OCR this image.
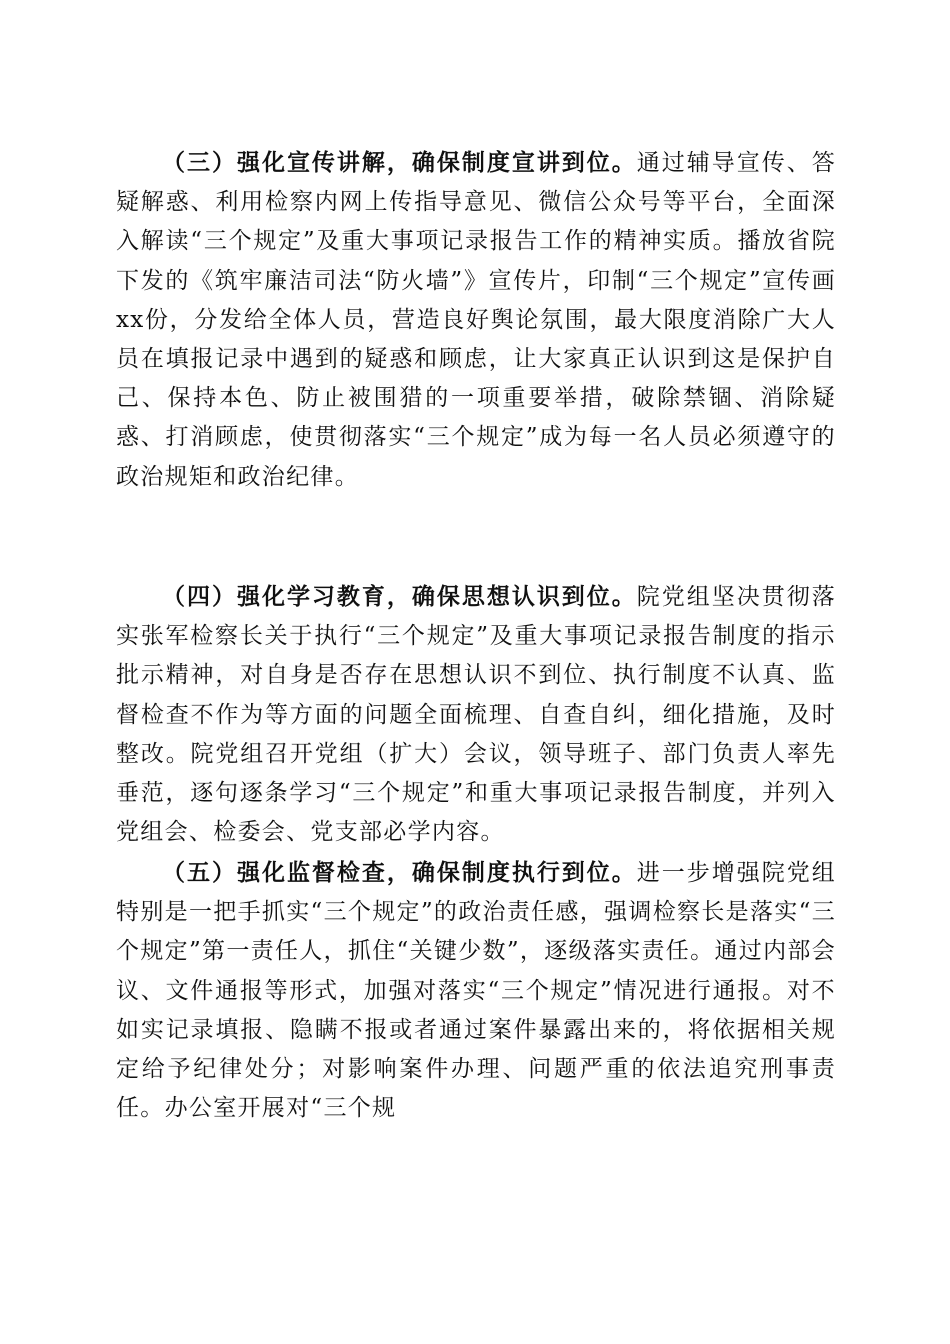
（三）强化宣传讲解，确保制度宣讲到位。通过辅导宣传、答疑解惑、利用检察内网上传指导意见、微信公众号等平台，全面深入解读“三个规定”及重大事项记录报告工作的精神实质。播放省院下发的《筑牢廉洁司法“防火墙”》宣传片，印制“三个规定”宣传画xx份，分发给全体人员，营造良好舆论氛围，最大限度消除广大人员在填报记录中遇到的疑惑和顾虑，让大家真正认识到这是保护自己、保持本色、防止被围猎的一项重要举措，破除禁锢、消除疑惑、打消顾虑，使贯彻落实“三个规定”成为每一名人员必须遵守的政治规矩和政治纪律。

（四）强化学习教育，确保思想认识到位。院党组坚决贯彻落实张军检察长关于执行“三个规定”及重大事项记录报告制度的指示批示精神，对自身是否存在思想认识不到位、执行制度不认真、监督检查不作为等方面的问题全面梳理、自查自纠，细化措施，及时整改。院党组召开党组（扩大）会议，领导班子、部门负责人率先垂范，逐句逐条学习“三个规定”和重大事项记录报告制度，并列入党组会、检委会、党支部必学内容。

（五）强化监督检查，确保制度执行到位。进一步增强院党组特别是一把手抓实“三个规定”的政治责任感，强调检察长是落实“三个规定”第一责任人，抓住“关键少数”，逐级落实责任。通过内部会议、文件通报等形式，加强对落实“三个规定”情况进行通报。对不如实记录填报、隐瞒不报或者通过案件暴露出来的，将依据相关规定给予纪律处分；对影响案件办理、问题严重的依法追究刑事责任。办公室开展对“三个规
